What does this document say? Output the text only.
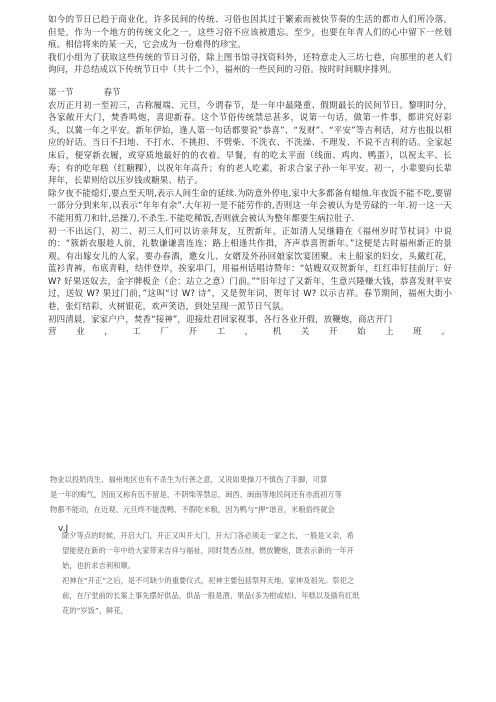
如今的节日已趋于商业化，许多民间的传统、习俗也因其过于繁索而被快节奏的生活的都市人们所冷落。但是，作为一个地方的传统文化之一，这些习俗不应该被遗忘。至少，也要在年青人们的心中留下一丝划痕。相信将来的某一天，它会成为一份难得的珍宝。

我们小组为了获取这些传统的节日习俗，除上图书馆寻找资料外，还特意走入三坊七巷，向那里的老人们询问，并总结成以下传统节日中（共十二个），福州的一些民间的习俗。按时时间顺序排列。

第一节	春节

农历正月初一至初三，古称履端、元旦，今谓春节，是一年中最隆重、假期最长的民间节日。黎明时分，各家敞开大门，焚香鸣炮，喜迎新春。这个节俗传统禁忌甚多，说第一句话，做第一件事，都讲究好彩头，以冀一年之平安。新年伊始，逢人第一句话都要说“恭喜”、“发财”、“平安”等吉利话，对方也报以相应的好话。当日不扫地、不打水、不挑担、不劈柴、不洗衣、不洗澡、不理发、不说不吉利的话。全家起床后，便穿新衣履，或穿质地最好的的衣着。早餐，有的吃太平面（线面、鸡肉、鸭蛋），以祝太平、长寿；有的吃年糕（红糖粿），以祝年年高升；有的老人吃素，祈求合家子孙一年平安。初一，小辈要向长辈拜年，长辈则给以压岁钱或糖果、桔子。

除夕夜不能熄灯,要点至天明,表示人间生命的延续.为防意外停电,家中大多都备有蜡烛.年夜饭不能不吃,要留一部分分到来年,以表示“年年有余”.大年初一是不能劳作的,否则这一年会被认为是劳碌的一年.初一这一天不能用剪刀和针,忌操刀,不杀生.不能吃稀饭,否则就会被认为整年都要生病拉肚子.

初一不出远门，初二、初三人们可以访亲拜友，互贺新年。正如清人吴继籍在《福州岁时节杖词》中说的：“簇新衣服趁人前，礼数谦谦喜连连；路上相逢共作揖，齐声恭喜贺新年。”这便是古时福州新正的景观。有出嫁女儿的人家，要办春酒，邀女儿、女婿及外孙回娘家饮宴团聚。未上船家的妇女，头戴红花，蓝衫青裤，布底青鞋，结伴登岸，挨家串门，用福州话唱诗赞年：“姑嫂双双贺新年，红红串钉挂前厅；好 W? 好果送奴去，金字牌板企（企：站立之意）门前。”“旧年过了又新年，生意兴隆赚大钱，恭喜发财平安过，送奴 W? 果过门前，”这叫“讨 W? 诗”，又是贺年词，贺年讨 W? 以示吉祥。春节期间，福州大街小巷，张灯结彩，火树银花，欢声笑语，到处呈现一派节日气氛。

初四清晨，家家户户，焚香“接神”，迎接灶君回家视事，各行各业开假，放鞭炮，商店开门

营业，工厂开工，机关开始上班。

物业以投奶肉生、福州地区也有不杀生为行善之意，又说如果操刀不慎伤了手脚，可算

是一年的晦气，因而又称有伍不留是、不阴柴等禁忌，闽西、闽南等地民间还有亦流初万等

物都不能动，在近观、元旦终不能泼鸭、不假吃米粮，因为鸭与“押”谐音，米粮俗终就会

v.J

除夕等点的时候，开启大门，开正又叫开大门，开大门各必须走一家之长，一般是父亲，希

望能使在新的一年中给大家带来吉祥与福祉，同时焚香点烛，燃放鞭炮，既表示新的一年开

始，也折求吉利和顺。

祀神在“开正”之后，是不可缺少的重要仪式，祀神主要包括祭拜天地、家神及祖先。祭祀之

前，在厅堂前的长案上事先摆好供品，供品一般是酒、果品(多为柑或桔)、年糕以及插有红纸

花的“岁饭”、鲜花，
